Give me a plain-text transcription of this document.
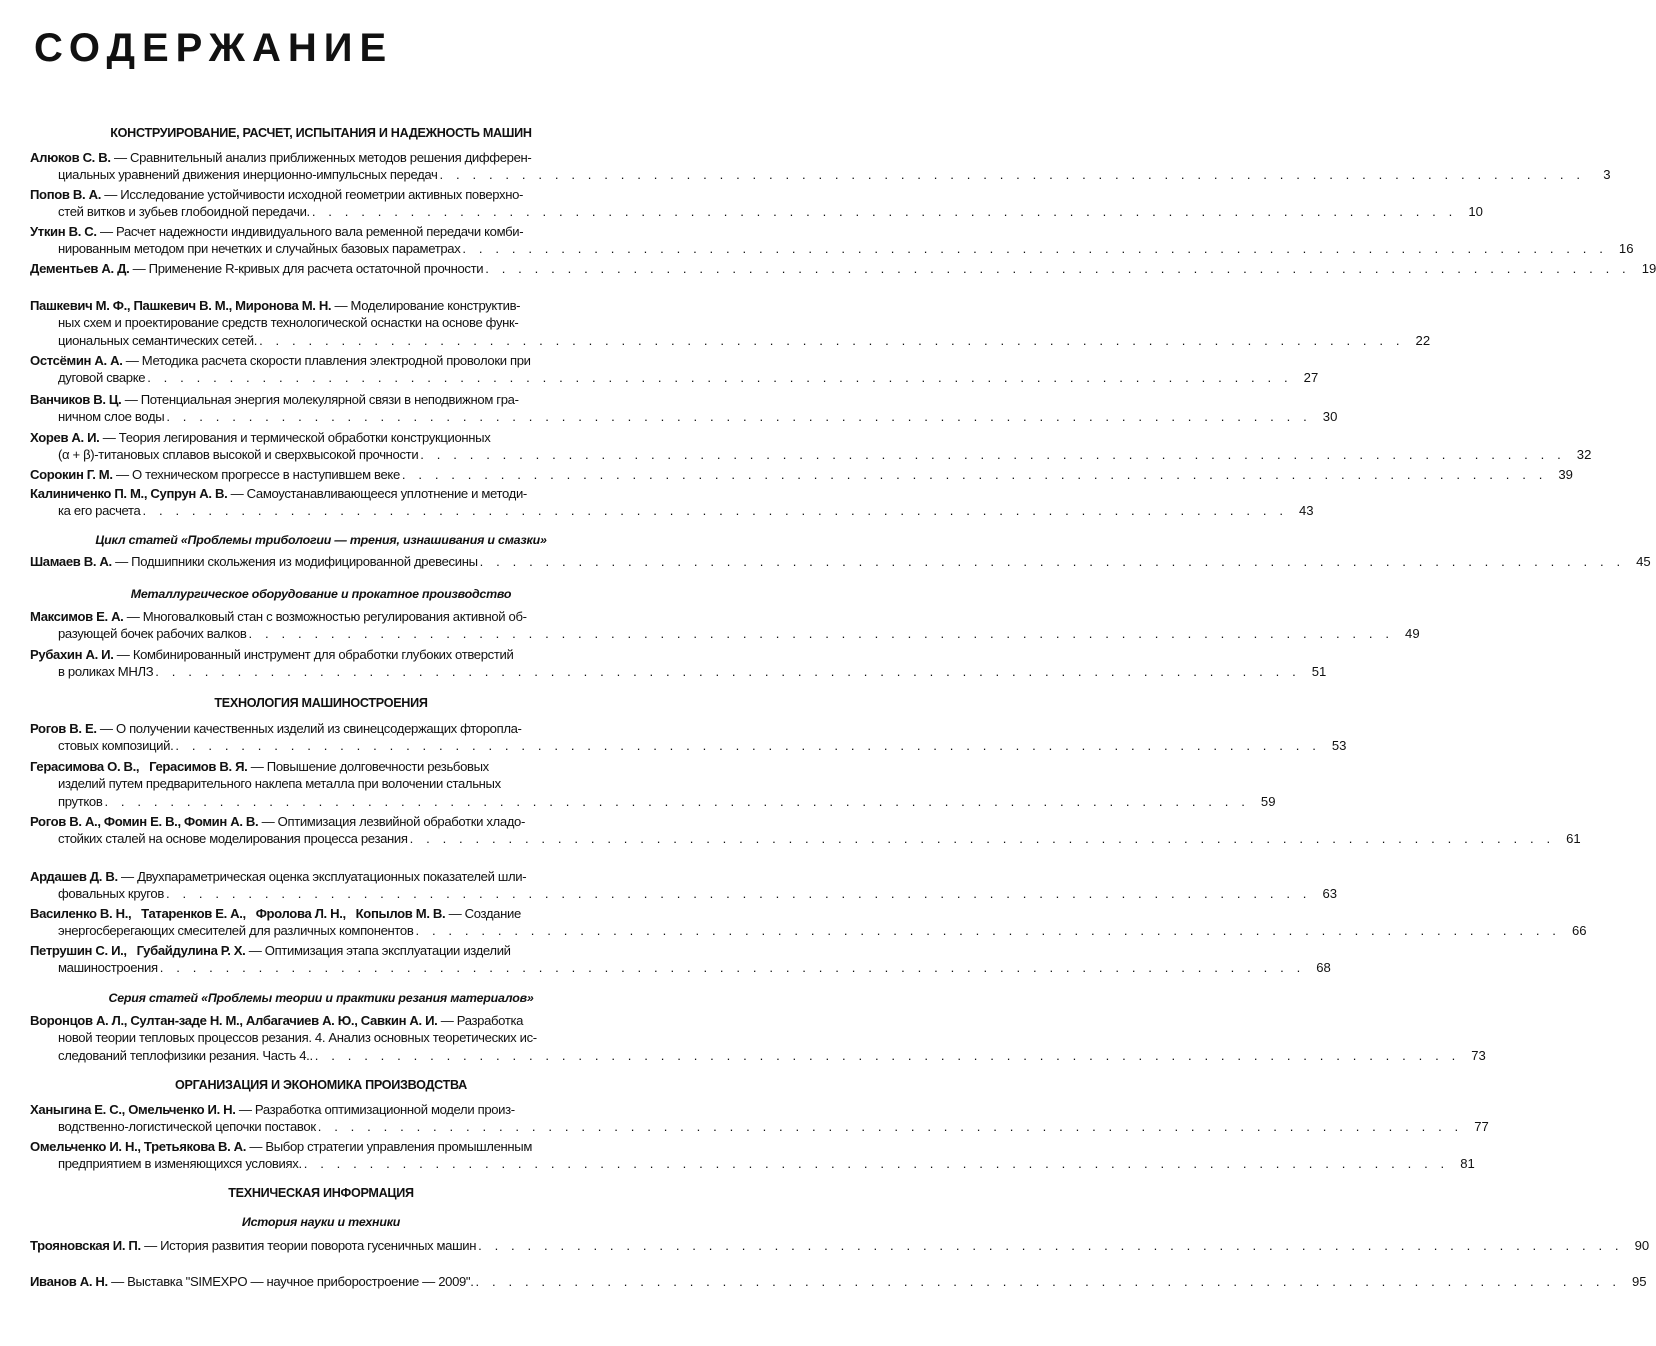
СОДЕРЖАНИЕ
КОНСТРУИРОВАНИЕ, РАСЧЕТ, ИСПЫТАНИЯ И НАДЕЖНОСТЬ МАШИН
Алюков С. В. — Сравнительный анализ приближенных методов решения дифферен-
циальных уравнений движения инерционно-импульсных передач . . . . . . . . . . . . . . . . . . . . . . . . . . . . . . . . . . . . . . . . . . . . . . . . . . . . . . . . . . . . . . . . . . . . . .	3
Попов В. А. — Исследование устойчивости исходной геометрии активных поверхно-
стей витков и зубьев глобоидной передачи. . . . . . . . . . . . . . . . . . . . . . . . . . . . . . . . . . . . . . . . . . . . . . . . . . . . . . . . . . . . . . . . . . . . . . . 10
Уткин В. С. — Расчет надежности индивидуального вала ременной передачи комби-
нированным методом при нечетких и случайных базовых параметрах . . . . . . . . . . . . . . . . . . . . . . . . . . . . . . . . . . . . . . . . . . . . . . . . . . . . . . . . . . . . . . . . . . . . . . 16
Дементьев А. Д. — Применение R-кривых для расчета остаточной прочности . . . . . . . . . . . . . . . . . . . . . . . . . . . . . . . . . . . . . . . . . . . . . . . . . . . . . . . . . . . . . . . . . . . . . . 19
Пашкевич М. Ф., Пашкевич В. М., Миронова М. Н. — Моделирование конструктив-
ных схем и проектирование средств технологической оснастки на основе функ-
циональных семантических сетей. . . . . . . . . . . . . . . . . . . . . . . . . . . . . . . . . . . . . . . . . . . . . . . . . . . . . . . . . . . . . . . . . . . . . . . 22
Остсёмин А. А. — Методика расчета скорости плавления электродной проволоки при
дуговой сварке . . . . . . . . . . . . . . . . . . . . . . . . . . . . . . . . . . . . . . . . . . . . . . . . . . . . . . . . . . . . . . . . . . . . . . 27
Ванчиков В. Ц. — Потенциальная энергия молекулярной связи в неподвижном гра-
ничном слое воды . . . . . . . . . . . . . . . . . . . . . . . . . . . . . . . . . . . . . . . . . . . . . . . . . . . . . . . . . . . . . . . . . . . . . . 30
Хорев А. И. — Теория легирования и термической обработки конструкционных
(α + β)-титановых сплавов высокой и сверхвысокой прочности . . . . . . . . . . . . . . . . . . . . . . . . . . . . . . . . . . . . . . . . . . . . . . . . . . . . . . . . . . . . . . . . . . . . . . 32
Сорокин Г. М. — О техническом прогрессе в наступившем веке . . . . . . . . . . . . . . . . . . . . . . . . . . . . . . . . . . . . . . . . . . . . . . . . . . . . . . . . . . . . . . . . . . . . . . 39
Калиниченко П. М., Супрун А. В. — Самоустанавливающееся уплотнение и методи-
ка его расчета . . . . . . . . . . . . . . . . . . . . . . . . . . . . . . . . . . . . . . . . . . . . . . . . . . . . . . . . . . . . . . . . . . . . . . 43
Цикл статей «Проблемы трибологии — трения, изнашивания и смазки»
Шамаев В. А. — Подшипники скольжения из модифицированной древесины . . . . . . . . . . . . . . . . . . . . . . . . . . . . . . . . . . . . . . . . . . . . . . . . . . . . . . . . . . . . . . . . . . . . . . 45
Металлургическое оборудование и прокатное производство
Максимов Е. А. — Многовалковый стан с возможностью регулирования активной об-
разующей бочек рабочих валков . . . . . . . . . . . . . . . . . . . . . . . . . . . . . . . . . . . . . . . . . . . . . . . . . . . . . . . . . . . . . . . . . . . . . . 49
Рубахин А. И. — Комбинированный инструмент для обработки глубоких отверстий
в роликах МНЛЗ . . . . . . . . . . . . . . . . . . . . . . . . . . . . . . . . . . . . . . . . . . . . . . . . . . . . . . . . . . . . . . . . . . . . . . 51
ТЕХНОЛОГИЯ МАШИНОСТРОЕНИЯ
Рогов В. Е. — О получении качественных изделий из свинецсодержащих фторопла-
стовых композиций. . . . . . . . . . . . . . . . . . . . . . . . . . . . . . . . . . . . . . . . . . . . . . . . . . . . . . . . . . . . . . . . . . . . . . . 53
Герасимова О. В.,   Герасимов В. Я. — Повышение долговечности резьбовых
изделий путем предварительного наклепа металла при волочении стальных
прутков . . . . . . . . . . . . . . . . . . . . . . . . . . . . . . . . . . . . . . . . . . . . . . . . . . . . . . . . . . . . . . . . . . . . . . 59
Рогов В. А., Фомин Е. В., Фомин А. В. — Оптимизация лезвийной обработки хладо-
стойких сталей на основе моделирования процесса резания . . . . . . . . . . . . . . . . . . . . . . . . . . . . . . . . . . . . . . . . . . . . . . . . . . . . . . . . . . . . . . . . . . . . . . 61
Ардашев Д. В. — Двухпараметрическая оценка эксплуатационных показателей шли-
фовальных кругов . . . . . . . . . . . . . . . . . . . . . . . . . . . . . . . . . . . . . . . . . . . . . . . . . . . . . . . . . . . . . . . . . . . . . . 63
Василенко В. Н.,   Татаренков Е. А.,   Фролова Л. Н.,   Копылов М. В. — Создание
энергосберегающих смесителей для различных компонентов . . . . . . . . . . . . . . . . . . . . . . . . . . . . . . . . . . . . . . . . . . . . . . . . . . . . . . . . . . . . . . . . . . . . . . 66
Петрушин С. И.,   Губайдулина Р. Х. — Оптимизация этапа эксплуатации изделий
машиностроения . . . . . . . . . . . . . . . . . . . . . . . . . . . . . . . . . . . . . . . . . . . . . . . . . . . . . . . . . . . . . . . . . . . . . . 68
Серия статей «Проблемы теории и практики резания материалов»
Воронцов А. Л., Султан-заде Н. М., Албагачиев А. Ю., Савкин А. И. — Разработка
новой теории тепловых процессов резания. 4. Анализ основных теоретических ис-
следований теплофизики резания. Часть 4.. . . . . . . . . . . . . . . . . . . . . . . . . . . . . . . . . . . . . . . . . . . . . . . . . . . . . . . . . . . . . . . . . . . . . . . 73
ОРГАНИЗАЦИЯ И ЭКОНОМИКА ПРОИЗВОДСТВА
Ханыгина Е. С., Омельченко И. Н. — Разработка оптимизационной модели произ-
водственно-логистической цепочки поставок . . . . . . . . . . . . . . . . . . . . . . . . . . . . . . . . . . . . . . . . . . . . . . . . . . . . . . . . . . . . . . . . . . . . . . 77
Омельченко И. Н., Третьякова В. А. — Выбор стратегии управления промышленным
предприятием в изменяющихся условиях. . . . . . . . . . . . . . . . . . . . . . . . . . . . . . . . . . . . . . . . . . . . . . . . . . . . . . . . . . . . . . . . . . . . . . . 81
ТЕХНИЧЕСКАЯ ИНФОРМАЦИЯ
История науки и техники
Трояновская И. П. — История развития теории поворота гусеничных машин . . . . . . . . . . . . . . . . . . . . . . . . . . . . . . . . . . . . . . . . . . . . . . . . . . . . . . . . . . . . . . . . . . . . . . 90
Иванов А. Н. — Выставка "SIMEXPO — научное приборостроение — 2009". . . . . . . . . . . . . . . . . . . . . . . . . . . . . . . . . . . . . . . . . . . . . . . . . . . . . . . . . . . . . . . . . . . . . . . 95
